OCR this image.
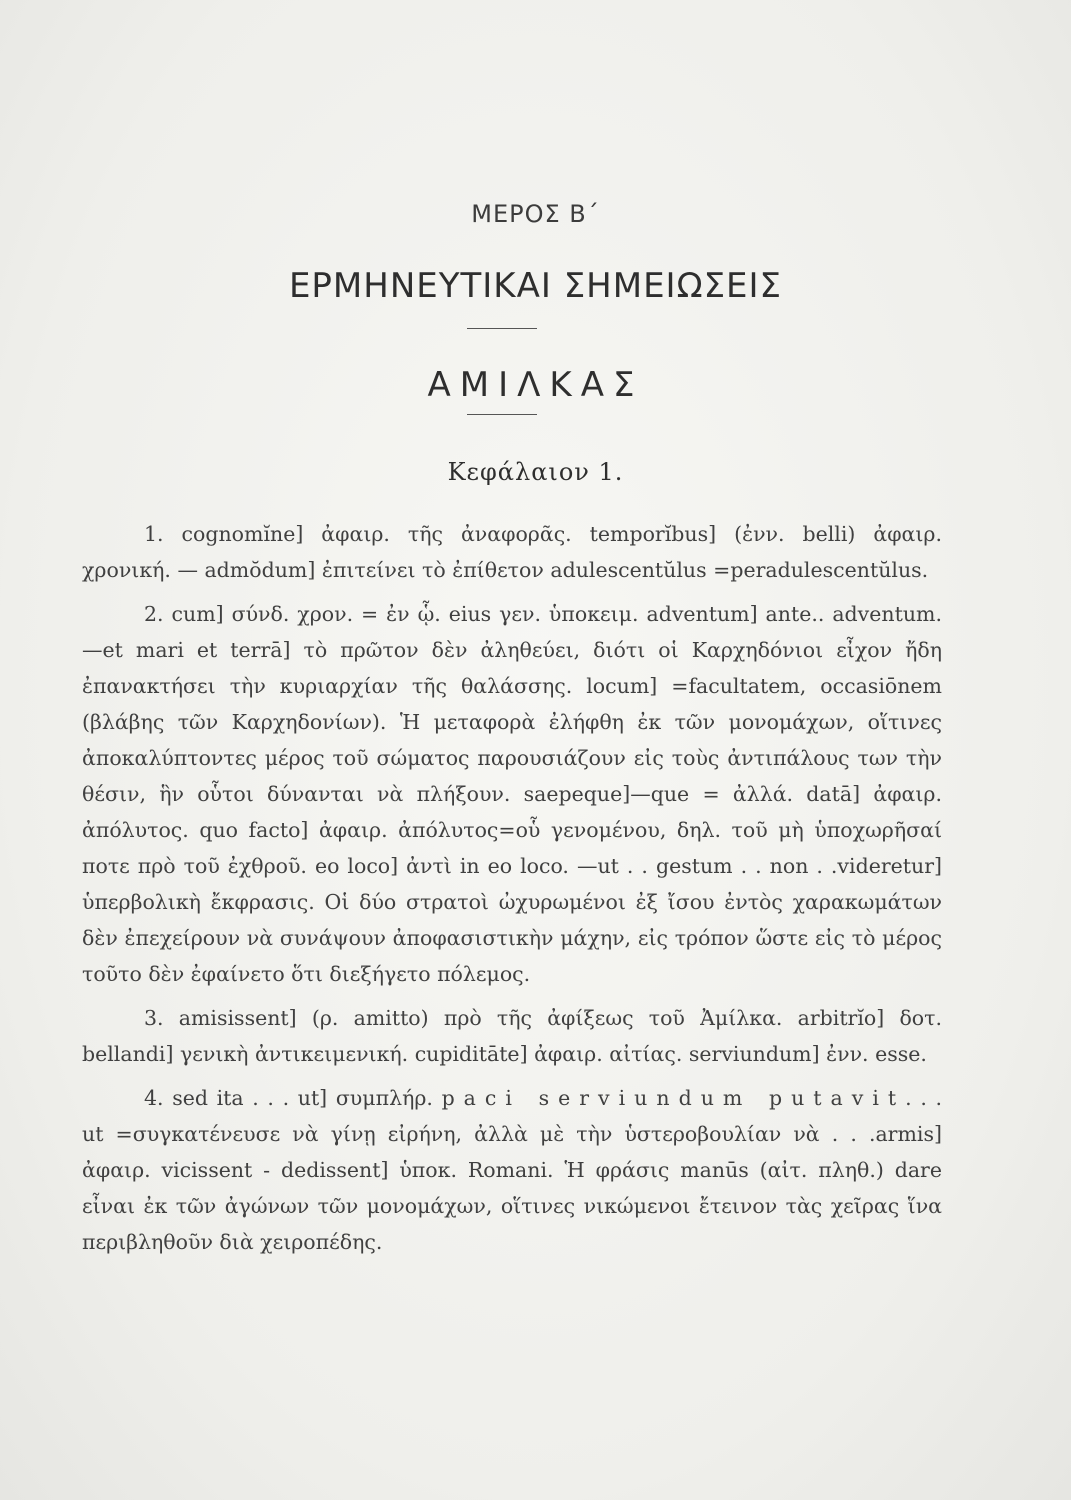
ΜΕΡΟΣ Β΄
ΕΡΜΗΝΕΥΤΙΚΑΙ ΣΗΜΕΙΩΣΕΙΣ
ΑΜΙΛΚΑΣ
Κεφάλαιον 1.

1. cognomĭne] ἀφαιρ. τῆς ἀναφορᾶς. temporĭbus] (ἐνν. belli) ἀφαιρ. χρονική. — admŏdum] ἐπιτείνει τὸ ἐπίθετον adulescentŭlus =peradulescentŭlus.

2. cum] σύνδ. χρον. = ἐν ᾧ. eius γεν. ὑποκειμ. adventum] ante.. adventum.—et mari et terrā] τὸ πρῶτον δὲν ἀληθεύει, διότι οἱ Καρχηδόνιοι εἶχον ἤδη ἐπανακτήσει τὴν κυριαρχίαν τῆς θαλάσσης. locum] =facultatem, occasiōnem (βλάβης τῶν Καρχηδονίων). Ἡ μεταφορὰ ἐλήφθη ἐκ τῶν μονομάχων, οἵτινες ἀποκαλύπτοντες μέρος τοῦ σώματος παρουσιάζουν εἰς τοὺς ἀντιπάλους των τὴν θέσιν, ἣν οὗτοι δύνανται νὰ πλήξουν. saepeque]—que = ἀλλά. datā] ἀφαιρ. ἀπόλυτος. quo facto] ἀφαιρ. ἀπόλυτος=οὗ γενομένου, δηλ. τοῦ μὴ ὑποχωρῆσαί ποτε πρὸ τοῦ ἐχθροῦ. eo loco] ἀντὶ in eo loco. —ut . . gestum . . non . .videretur] ὑπερβολικὴ ἔκφρασις. Οἱ δύο στρατοὶ ὠχυρωμένοι ἐξ ἴσου ἐντὸς χαρακωμάτων δὲν ἐπεχείρουν νὰ συνάψουν ἀποφασιστικὴν μάχην, εἰς τρόπον ὥστε εἰς τὸ μέρος τοῦτο δὲν ἐφαίνετο ὅτι διεξήγετο πόλεμος.

3. amisissent] (ρ. amitto) πρὸ τῆς ἀφίξεως τοῦ Ἀμίλκα. arbitrĭo] δοτ. bellandi] γενικὴ ἀντικειμενική. cupiditāte] ἀφαιρ. αἰτίας. serviundum] ἐνν. esse.

4. sed ita . . . ut] συμπλήρ. paci serviundum putavit. . . ut =συγκατένευσε νὰ γίνῃ εἰρήνη, ἀλλὰ μὲ τὴν ὑστεροβουλίαν νὰ . . .armis] ἀφαιρ. vicissent - dedissent] ὑποκ. Romani. Ἡ φράσις manūs (αἰτ. πληθ.) dare εἶναι ἐκ τῶν ἀγώνων τῶν μονομάχων, οἵτινες νικώμενοι ἔτεινον τὰς χεῖρας ἵνα περιβληθοῦν διὰ χειροπέδης.
